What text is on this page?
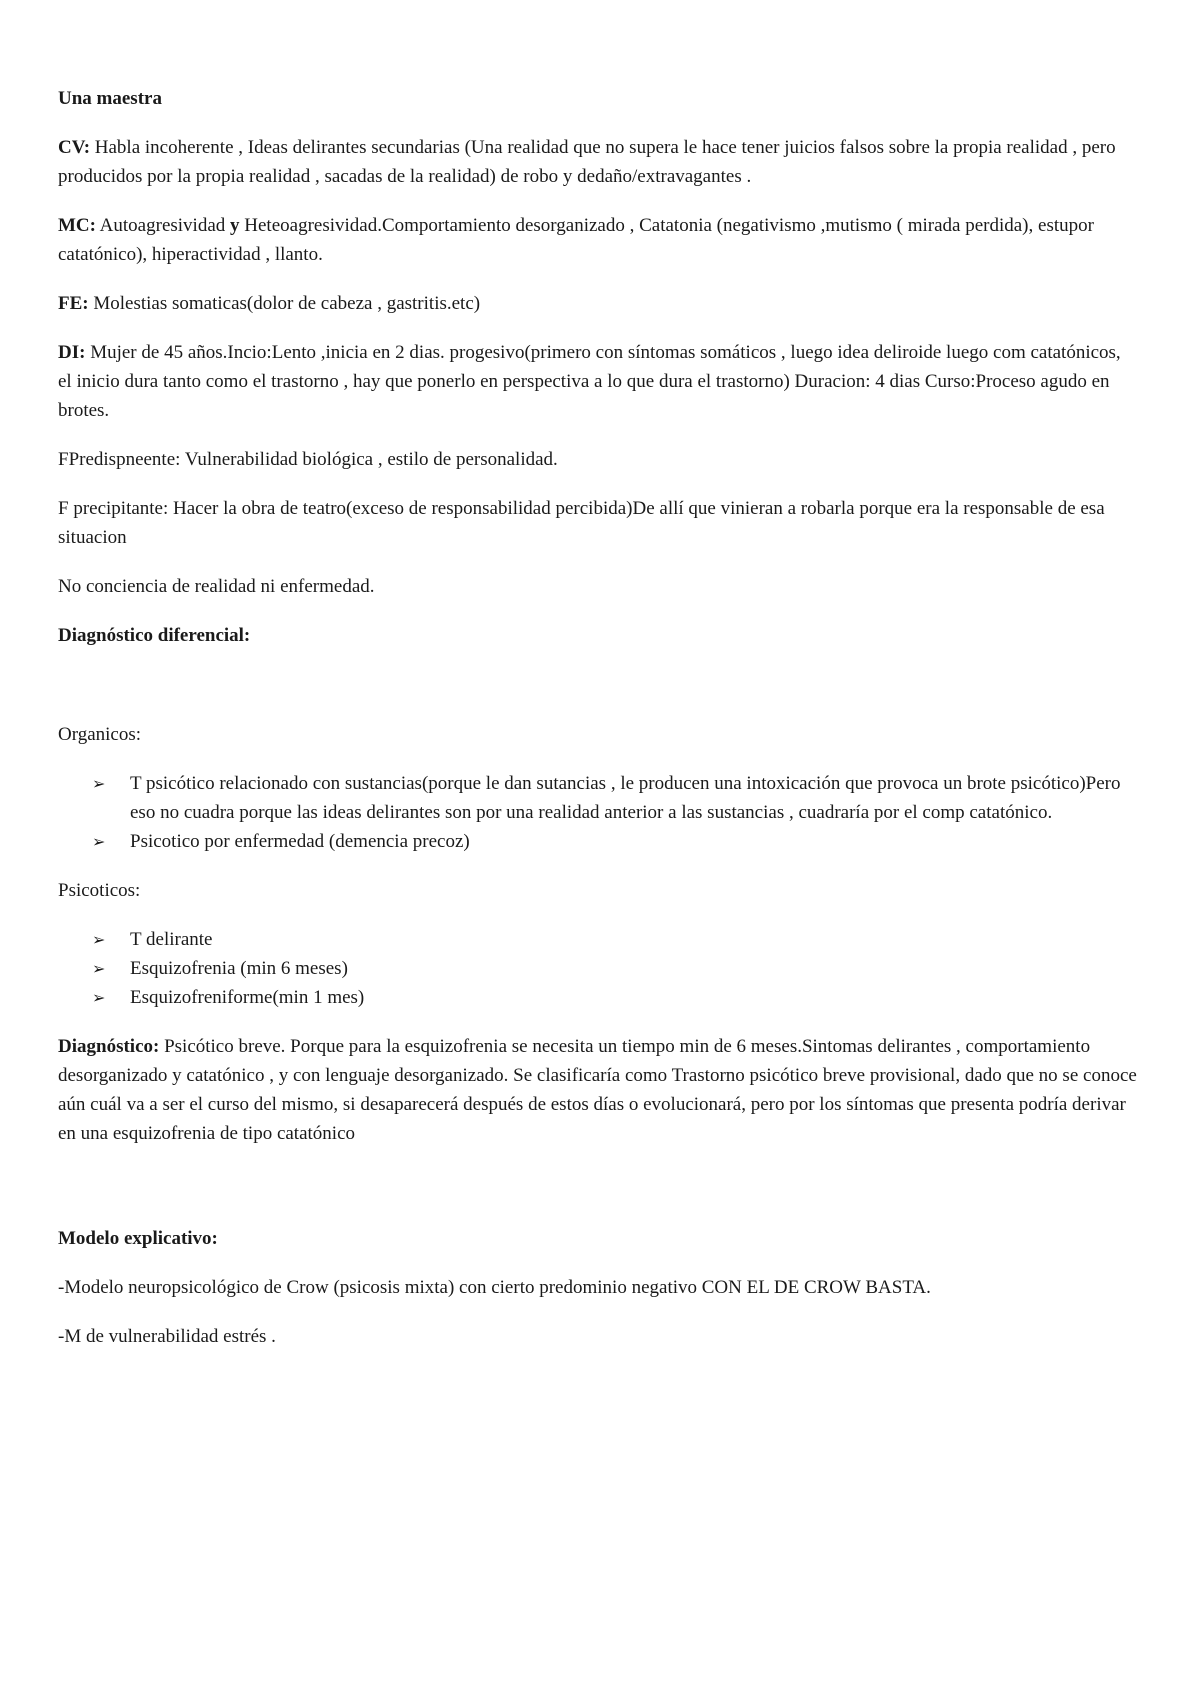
Una maestra

CV: Habla incoherente , Ideas delirantes secundarias (Una realidad que no supera le hace tener juicios falsos sobre la propia realidad , pero producidos por la propia realidad , sacadas de la realidad) de robo y dedaño/extravagantes .

MC: Autoagresividad y Heteoagresividad.Comportamiento desorganizado , Catatonia (negativismo ,mutismo ( mirada perdida), estupor catatónico), hiperactividad , llanto.

FE: Molestias somaticas(dolor de cabeza , gastritis.etc)

DI: Mujer de 45 años.Incio:Lento ,inicia en 2 dias. progesivo(primero con síntomas somáticos , luego idea deliroide luego com catatónicos, el inicio dura tanto como el trastorno , hay que ponerlo en perspectiva a lo que dura el trastorno) Duracion: 4 dias Curso:Proceso agudo en brotes.

FPredispneente: Vulnerabilidad biológica , estilo de personalidad.

F precipitante: Hacer la obra de teatro(exceso de responsabilidad percibida)De allí que vinieran a robarla porque era la responsable de esa situacion

No conciencia de realidad ni enfermedad.

Diagnóstico diferencial:

Organicos:

➢ T psicótico relacionado con sustancias(porque le dan sutancias , le producen una intoxicación que provoca un brote psicótico)Pero eso no cuadra porque las ideas delirantes son por una realidad anterior a las sustancias , cuadraría por el comp catatónico.
➢ Psicotico por enfermedad (demencia precoz)

Psicoticos:

➢ T delirante
➢ Esquizofrenia (min 6 meses)
➢ Esquizofreniforme(min 1 mes)

Diagnóstico: Psicótico breve. Porque para la esquizofrenia se necesita un tiempo min de 6 meses.Sintomas delirantes , comportamiento desorganizado y catatónico , y con lenguaje desorganizado. Se clasificaría como Trastorno psicótico breve provisional, dado que no se conoce aún cuál va a ser el curso del mismo, si desaparecerá después de estos días o evolucionará, pero por los síntomas que presenta podría derivar en una esquizofrenia de tipo catatónico

Modelo explicativo:

-Modelo neuropsicológico de Crow (psicosis mixta) con cierto predominio negativo CON EL DE CROW BASTA.

-M de vulnerabilidad estrés .
